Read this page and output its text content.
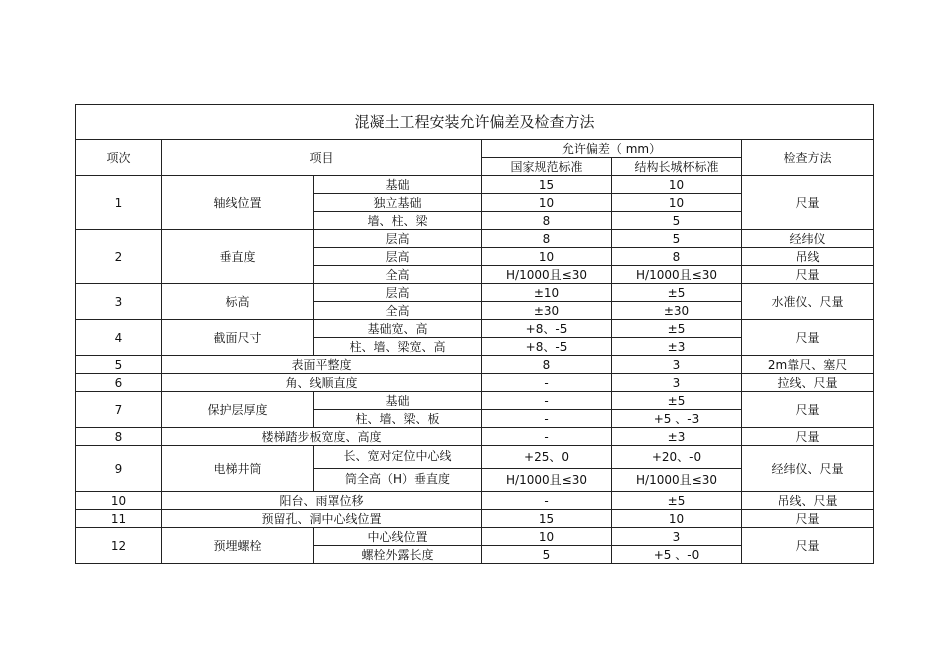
混凝土工程安装允许偏差及检查方法					
项次	项目		允许偏差（ mm）		检查方法
			国家规范标准	结构长城杯标准	
1	轴线位置	基础	15	10	尺量
		独立基础	10	10	
		墙、柱、梁	8	5	
2	垂直度	层高	8	5	经纬仪
		层高	10	8	吊线
		全高	H/1000且≤30	H/1000且≤30	尺量
3	标高	层高	±10	±5	水准仪、尺量
		全高	±30	±30	
4	截面尺寸	基础宽、高	+8、-5	±5	尺量
		柱、墙、梁宽、高	+8、-5	±3	
5	表面平整度		8	3	2m靠尺、塞尺
6	角、线顺直度		-	3	拉线、尺量
7	保护层厚度	基础	-	±5	尺量
		柱、墙、梁、板	-	+5 、-3	
8	楼梯踏步板宽度、高度		-	±3	尺量
9	电梯井筒	长、宽对定位中心线	+25、0	+20、-0	经纬仪、尺量
		筒全高（H）垂直度	H/1000且≤30	H/1000且≤30	
10	阳台、雨罩位移		-	±5	吊线、尺量
11	预留孔、洞中心线位置		15	10	尺量
12	预埋螺栓	中心线位置	10	3	尺量
		螺栓外露长度	5	+5 、-0	
